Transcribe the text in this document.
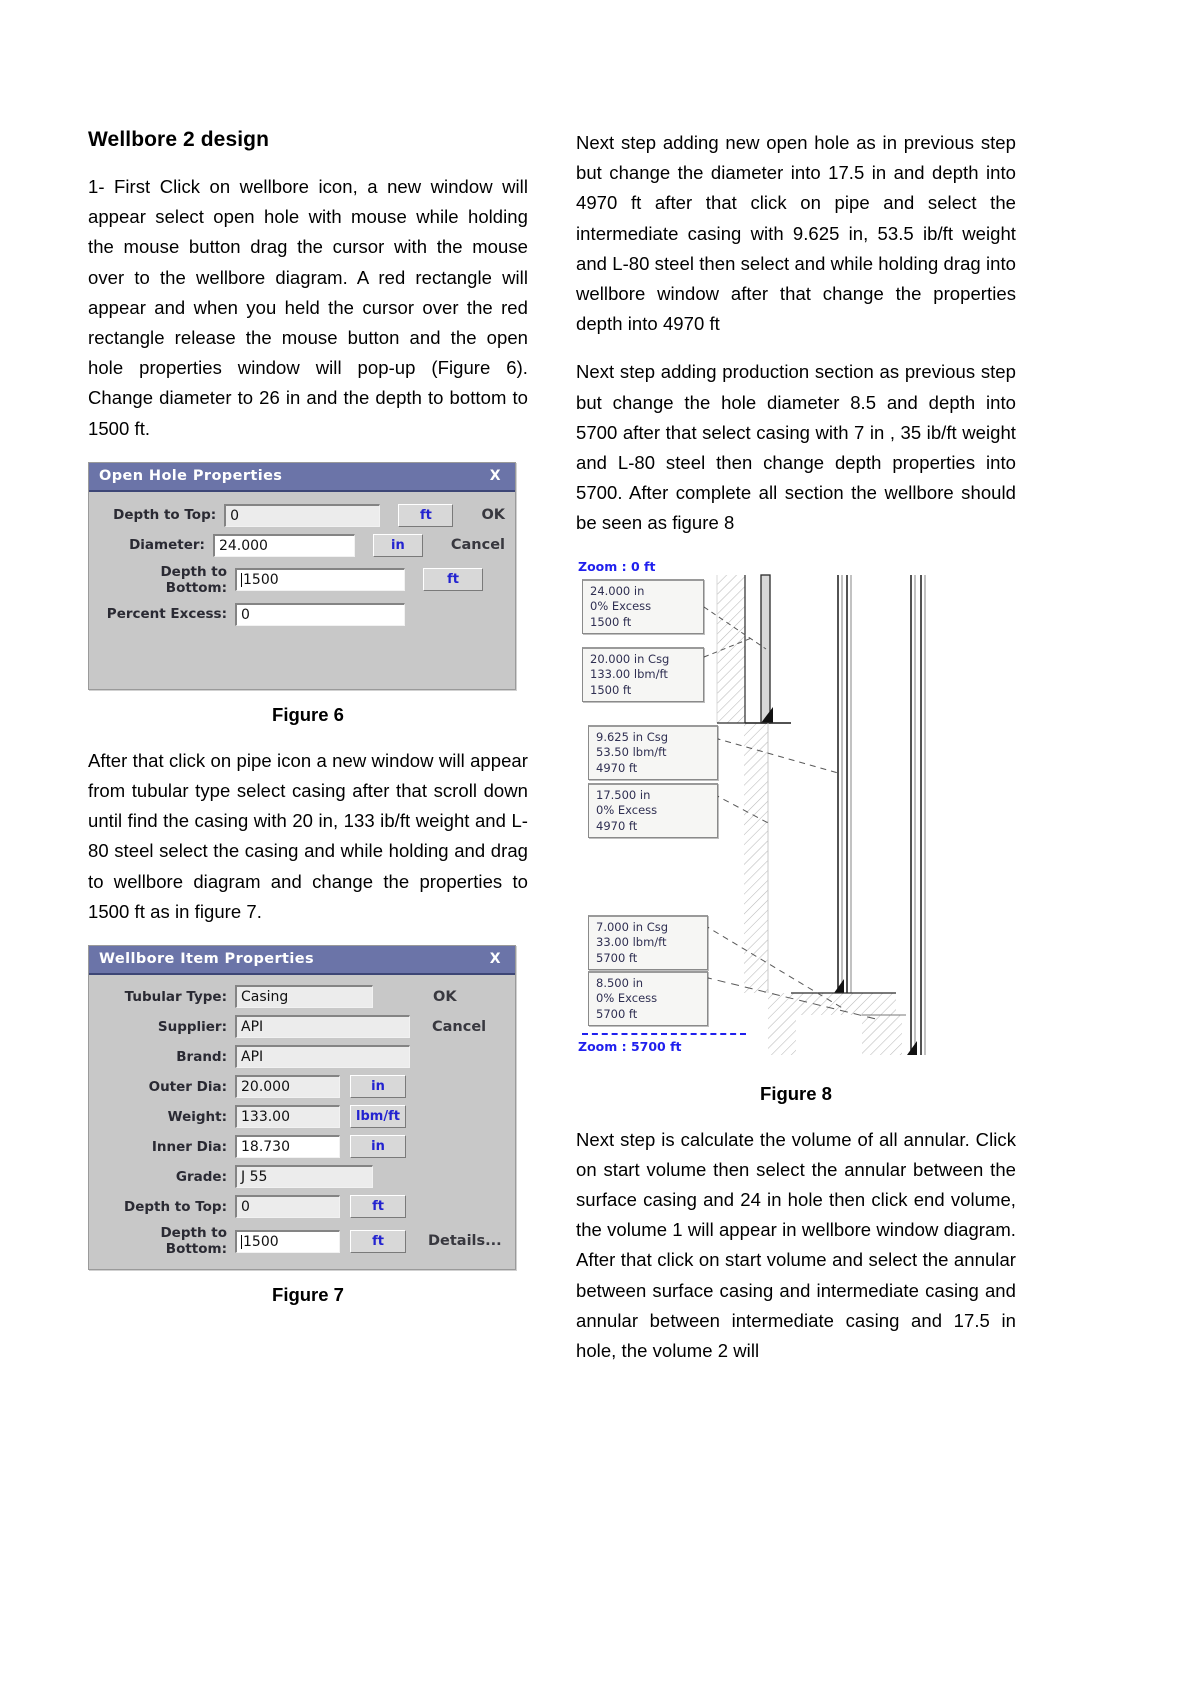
Wellbore 2 design

1- First Click on wellbore icon, a new window will appear select open hole with mouse while holding the mouse button drag the cursor with the mouse over to the wellbore diagram. A red rectangle will appear and when you held the cursor over the red rectangle release the mouse button and the open hole properties window will pop-up (Figure 6). Change diameter to 26 in and the depth to bottom to 1500 ft.

Open Hole Properties	X
Depth to Top:	0	ft	OK
Diameter:	24.000	in	Cancel
Depth to Bottom:	1500	ft
Percent Excess:	0
Figure 6

After that click on pipe icon a new window will appear from tubular type select casing after that scroll down until find the casing with 20 in, 133 ib/ft weight and L-80 steel select the casing and while holding and drag to wellbore diagram and change the properties to 1500 ft as in figure 7.

Wellbore Item Properties	X
Tubular Type:	Casing	OK
Supplier:	API	Cancel
Brand:	API
Outer Dia:	20.000	in
Weight:	133.00	lbm/ft
Inner Dia:	18.730	in
Grade:	J 55
Depth to Top:	0	ft
Depth to Bottom:	1500	ft	Details...
Figure 7

Next step adding new open hole as in previous step but change the diameter into 17.5 in and depth into 4970 ft after that click on pipe and select the intermediate casing with 9.625 in, 53.5 ib/ft weight and L-80 steel then select and while holding drag into wellbore window after that change the properties depth into 4970 ft

Next step adding production section as previous step but change the hole diameter 8.5 and depth into 5700 after that select casing with 7 in , 35 ib/ft weight and L-80 steel then change depth properties into 5700. After complete all section the wellbore should be seen as figure 8

Zoom : 0 ft
24.000 in
0% Excess
1500 ft
20.000 in Csg
133.00 lbm/ft
1500 ft
9.625 in Csg
53.50 lbm/ft
4970 ft
17.500 in
0% Excess
4970 ft
7.000 in Csg
33.00 lbm/ft
5700 ft
8.500 in
0% Excess
5700 ft
Zoom : 5700 ft
Figure 8

Next step is calculate the volume of all annular. Click on start volume then select the annular between the surface casing and 24 in hole then click end volume, the volume 1 will appear in wellbore window diagram. After that click on start volume and select the annular between surface casing and intermediate casing and annular between intermediate casing and 17.5 in hole, the volume 2 will
